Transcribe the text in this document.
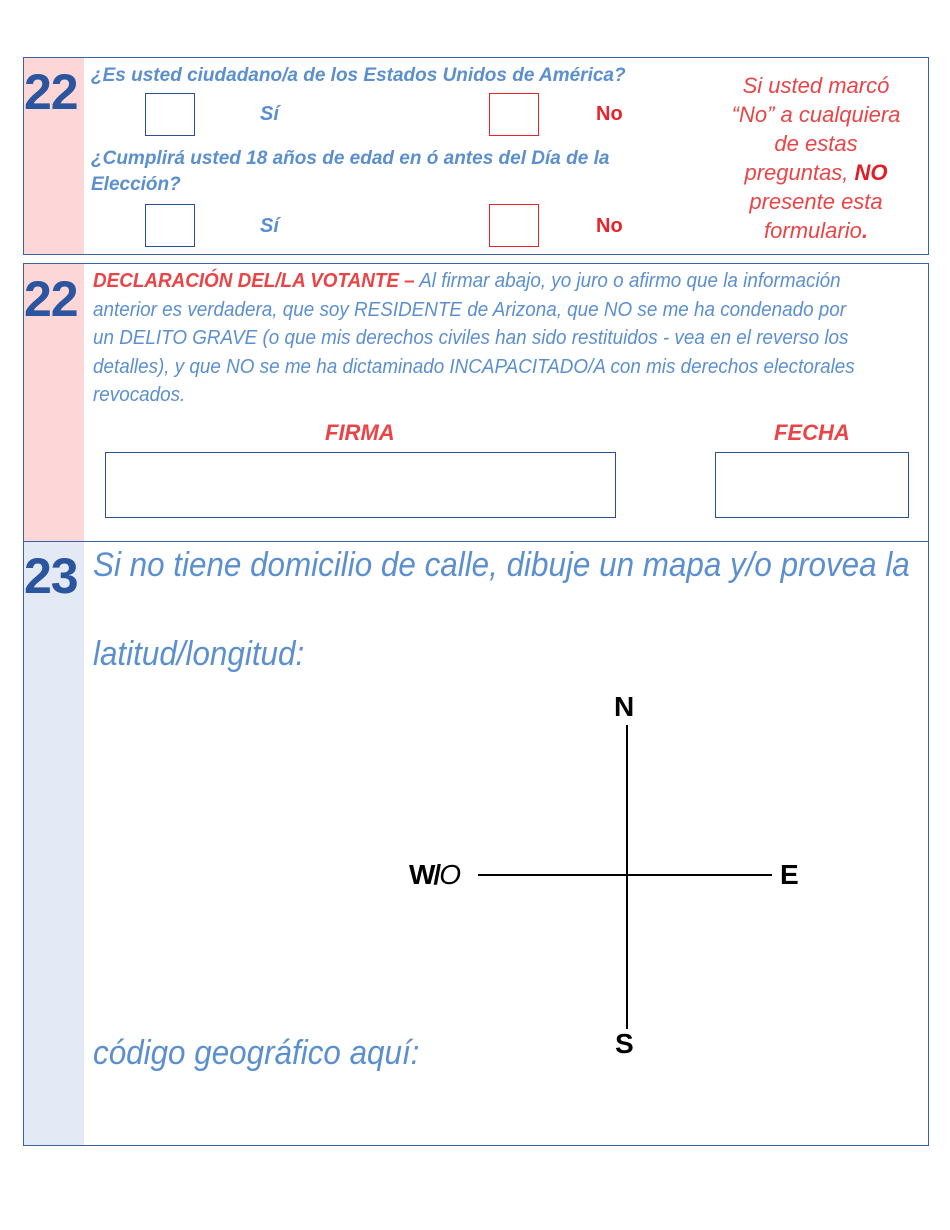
22 ¿Es usted ciudadano/a de los Estados Unidos de América?
Sí	No
¿Cumplirá usted 18 años de edad en ó antes del Día de la Elección?
Sí	No
Si usted marcó
“No” a cualquiera
de estas
preguntas, NO
presente esta
formulario.
22 DECLARACIÓN DEL/LA VOTANTE – Al firmar abajo, yo juro o afirmo que la información anterior es verdadera, que soy RESIDENTE de Arizona, que NO se me ha condenado por un DELITO GRAVE (o que mis derechos civiles han sido restituidos - vea en el reverso los detalles), y que NO se me ha dictaminado INCAPACITADO/A con mis derechos electorales revocados.
FIRMA	FECHA
23 Si no tiene domicilio de calle, dibuje un mapa y/o provea la
latitud/longitud:
código geográfico aquí:
N
E
S
W/O
